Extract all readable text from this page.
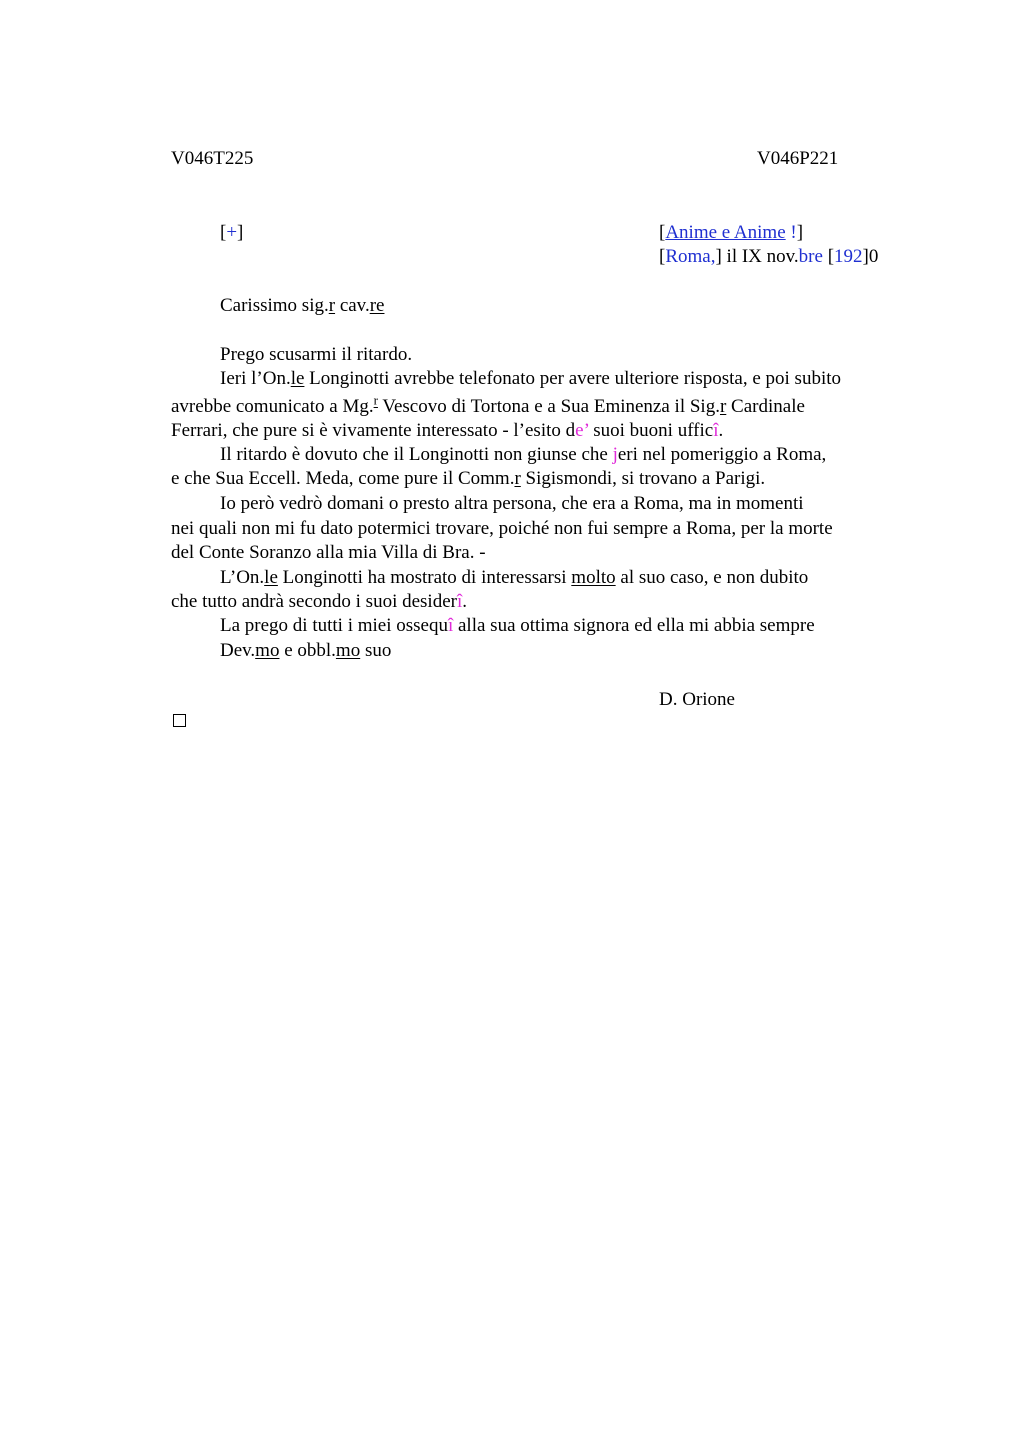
V046T225	V046P221
[+]	[Anime e Anime !]
[Roma,] il IX nov.bre [192]0
Carissimo sig.r cav.re
Prego scusarmi il ritardo.
Ieri l’On.le Longinotti avrebbe telefonato per avere ulteriore risposta, e poi subito
avrebbe comunicato a Mg.$^r$ Vescovo di Tortona e a Sua Eminenza il Sig.r Cardinale
Ferrari, che pure si è vivamente interessato - l’esito de’ suoi buoni ufficî.
Il ritardo è dovuto che il Longinotti non giunse che jeri nel pomeriggio a Roma,
e che Sua Eccell. Meda, come pure il Comm.r Sigismondi, si trovano a Parigi.
Io però vedrò domani o presto altra persona, che era a Roma, ma in momenti
nei quali non mi fu dato potermici trovare, poiché non fui sempre a Roma, per la morte
del Conte Soranzo alla mia Villa di Bra. -
L’On.le Longinotti ha mostrato di interessarsi molto al suo caso, e non dubito
che tutto andrà secondo i suoi desiderî.
La prego di tutti i miei ossequî alla sua ottima signora ed ella mi abbia sempre
Dev.mo e obbl.mo suo
D. Orione
